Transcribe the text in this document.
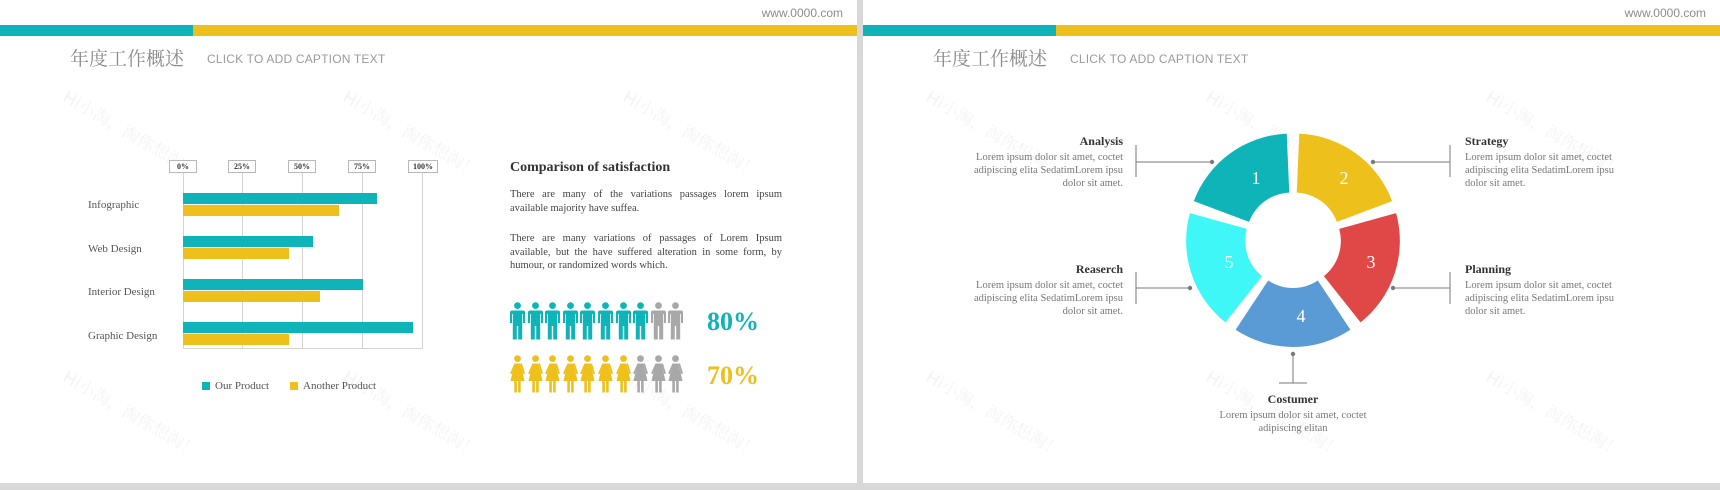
www.0000.com
年度工作概述 CLICK TO ADD CAPTION TEXT
0%	25%	50%	75%	100%
Infographic
Web Design
Interior Design
Graphic Design
Our Product	Another Product
Comparison of satisfaction
There are many of the variations passages lorem ipsum available majority have suffea.
There are many variations of passages of Lorem Ipsum available, but the have suffered alteration in some form, by humour, or randomized words which.
80%
70%
www.0000.com
年度工作概述 CLICK TO ADD CAPTION TEXT
1	2
3
4
5
Analysis
Lorem ipsum dolor sit amet, coctet adipiscing elita SedatimLorem ipsu dolor sit amet.
Strategy
Lorem ipsum dolor sit amet, coctet adipiscing elita SedatimLorem ipsu dolor sit amet.
Reaserch
Lorem ipsum dolor sit amet, coctet adipiscing elita SedatimLorem ipsu dolor sit amet.
Planning
Lorem ipsum dolor sit amet, coctet adipiscing elita SedatimLorem ipsu dolor sit amet.
Costumer
Lorem ipsum dolor sit amet, coctet adipiscing elitan
